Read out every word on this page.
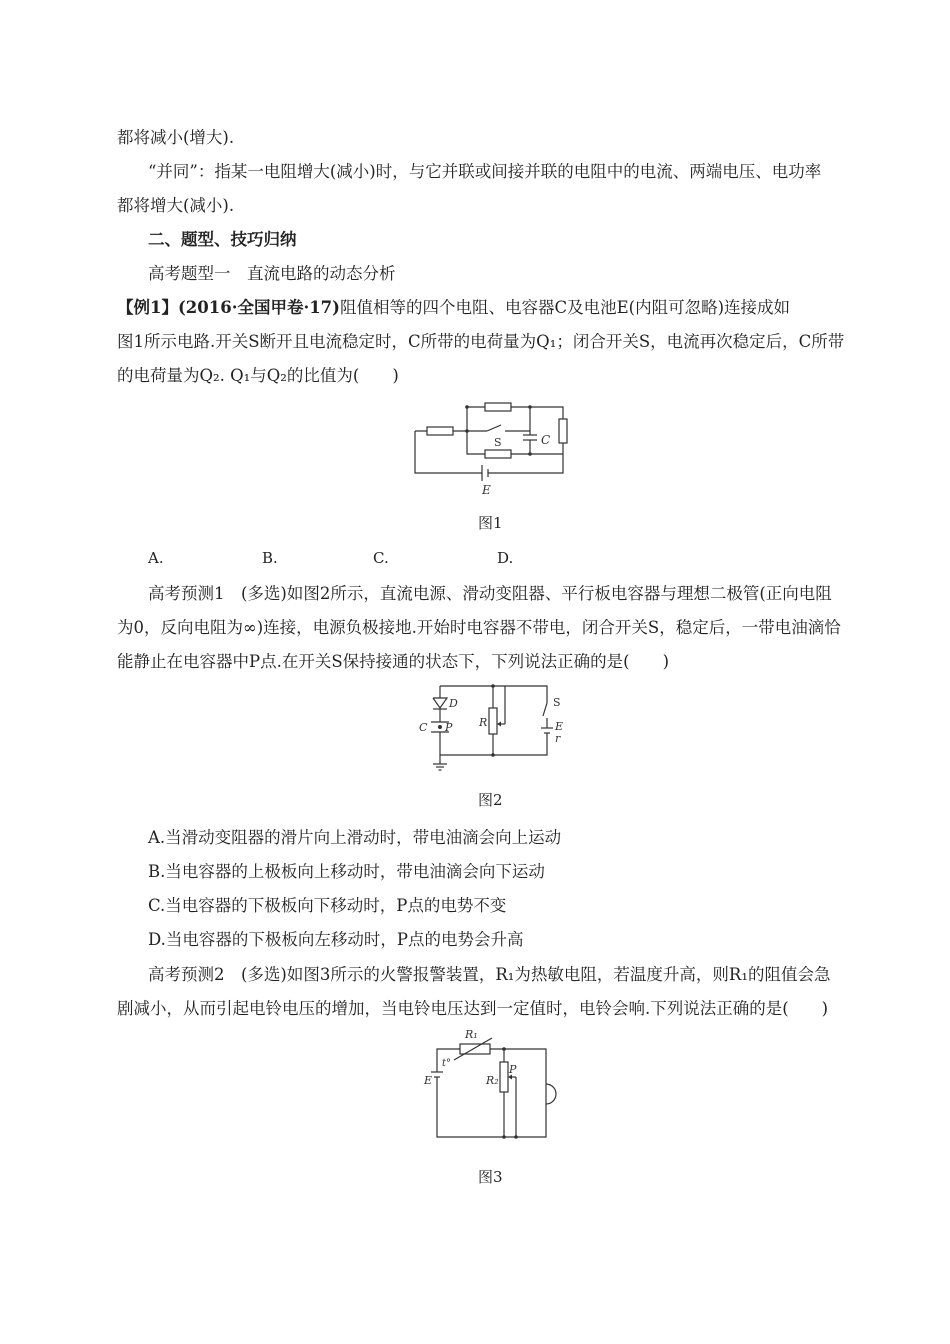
都将减小(增大).
“并同”：指某一电阻增大(减小)时，与它并联或间接并联的电阻中的电流、两端电压、电功率
都将增大(减小).
二、题型、技巧归纳
高考题型一　直流电路的动态分析
【例1】(2016·全国甲卷·17)阻值相等的四个电阻、电容器C及电池E(内阻可忽略)连接成如
图1所示电路.开关S断开且电流稳定时，C所带的电荷量为Q₁；闭合开关S，电流再次稳定后，C所带
的电荷量为Q₂. Q₁与Q₂的比值为(　　)
S	C
E
图1
A.	B.	C.	D.
高考预测1　(多选)如图2所示，直流电源、滑动变阻器、平行板电容器与理想二极管(正向电阻
为0，反向电阻为∞)连接，电源负极接地.开始时电容器不带电，闭合开关S，稳定后，一带电油滴恰
能静止在电容器中P点.在开关S保持接通的状态下，下列说法正确的是(　　)
D
C P R
S
E
r
图2
A.当滑动变阻器的滑片向上滑动时，带电油滴会向上运动
B.当电容器的上极板向上移动时，带电油滴会向下运动
C.当电容器的下极板向下移动时，P点的电势不变
D.当电容器的下极板向左移动时，P点的电势会升高
高考预测2　(多选)如图3所示的火警报警装置，R₁为热敏电阻，若温度升高，则R₁的阻值会急
剧减小，从而引起电铃电压的增加，当电铃电压达到一定值时，电铃会响.下列说法正确的是(　　)
R₁
t°
E	R₂
P
图3
